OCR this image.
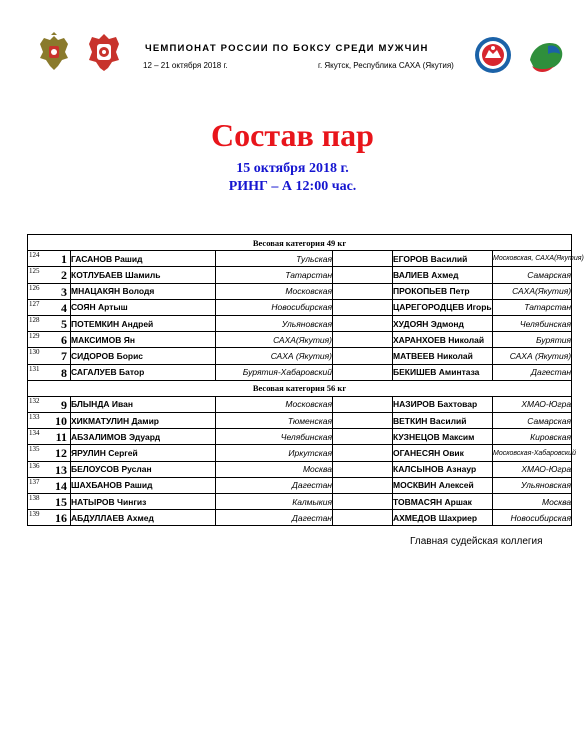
ЧЕМПИОНАТ РОССИИ ПО БОКСУ СРЕДИ МУЖЧИН
12 – 21 октября 2018 г.	г. Якутск, Республика САХА (Якутия)
Состав пар
15 октября 2018 г.
РИНГ – А 12:00 час.
Весовая категория 49 кг					

124 1	ГАСАНОВ Рашид	Тульская		ЕГОРОВ Василий	Московская, САХА(Якутия)

125 2	КОТЛУБАЕВ Шамиль	Татарстан		ВАЛИЕВ Ахмед	Самарская

126 3	МНАЦАКЯН Володя	Московская		ПРОКОПЬЕВ Петр	САХА(Якутия)

127 4	СОЯН Артыш	Новосибирская		ЦАРЕГОРОДЦЕВ Игорь	Татарстан

128 5	ПОТЕМКИН Андрей	Ульяновская		ХУДОЯН Эдмонд	Челябинская

129 6	МАКСИМОВ Ян	САХА(Якутия)		ХАРАНХОЕВ Николай	Бурятия

130 7	СИДОРОВ Борис	САХА (Якутия)		МАТВЕЕВ Николай	САХА (Якутия)

131 8	САГАЛУЕВ Батор	Бурятия-Хабаровский		БЕКИШЕВ Аминтаза	Дагестан
Весовая категория 56 кг					

132 9	БЛЫНДА Иван	Московская		НАЗИРОВ Бахтовар	ХМАО-Югра

133 10	ХИКМАТУЛИН Дамир	Тюменская		ВЕТКИН Василий	Самарская

134 11	АБЗАЛИМОВ Эдуард	Челябинская		КУЗНЕЦОВ Максим	Кировская

135 12	ЯРУЛИН Сергей	Иркутская		ОГАНЕСЯН Овик	Московская-Хабаровский

136 13	БЕЛОУСОВ Руслан	Москва		КАЛСЫНОВ Азнаур	ХМАО-Югра

137 14	ШАХБАНОВ Рашид	Дагестан		МОСКВИН Алексей	Ульяновская

138 15	НАТЫРОВ Чингиз	Калмыкия		ТОВМАСЯН Аршак	Москва

139 16	АБДУЛЛАЕВ Ахмед	Дагестан		АХМЕДОВ Шахриер	Новосибирская
Главная судейская коллегия
